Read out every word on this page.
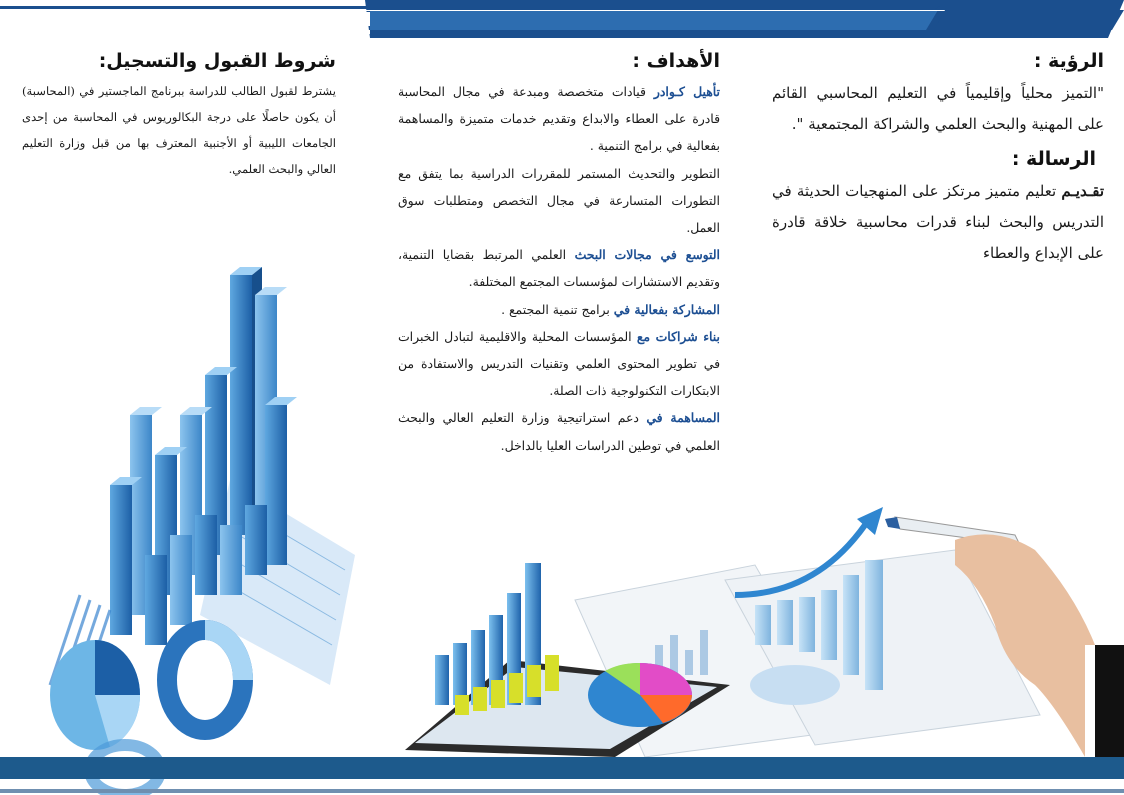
الرؤية :

"التميز محلياً وإقليمياً في التعليم المحاسبي القائم على المهنية والبحث العلمي والشراكة المجتمعية ".

الرسالة :

تقـديـم تعليم متميز مرتكز على المنهجيات الحديثة في التدريس والبحث لبناء قدرات محاسبية خلاقة قادرة على الإبداع والعطاء

الأهداف :

تأهيل كـوادر قيادات متخصصة ومبدعة في مجال المحاسبة قادرة على العطاء والابداع وتقديم خدمات متميزة والمساهمة بفعالية في برامج التنمية .

التطوير والتحديث المستمر للمقررات الدراسية بما يتفق مع التطورات المتسارعة في مجال التخصص ومتطلبات سوق العمل.

التوسع في مجالات البحث العلمي المرتبط بقضايا التنمية، وتقديم الاستشارات لمؤسسات المجتمع المختلفة.

المشاركة بفعالية في برامج تنمية المجتمع .

بناء شراكات مع المؤسسات المحلية والاقليمية لتبادل الخبرات في تطوير المحتوى العلمي وتقنيات التدريس والاستفادة من الابتكارات التكنولوجية ذات الصلة.

المساهمة في دعم استراتيجية وزارة التعليم العالي والبحث العلمي في توطين الدراسات العليا بالداخل.

شروط القبول والتسجيل:

يشترط لقبول الطالب للدراسة ببرنامج الماجستير في (المحاسبة) أن يكون حاصلًا على درجة البكالوريوس في المحاسبة من إحدى الجامعات الليبية أو الأجنبية المعترف بها من قبل وزارة التعليم العالي والبحث العلمي.
